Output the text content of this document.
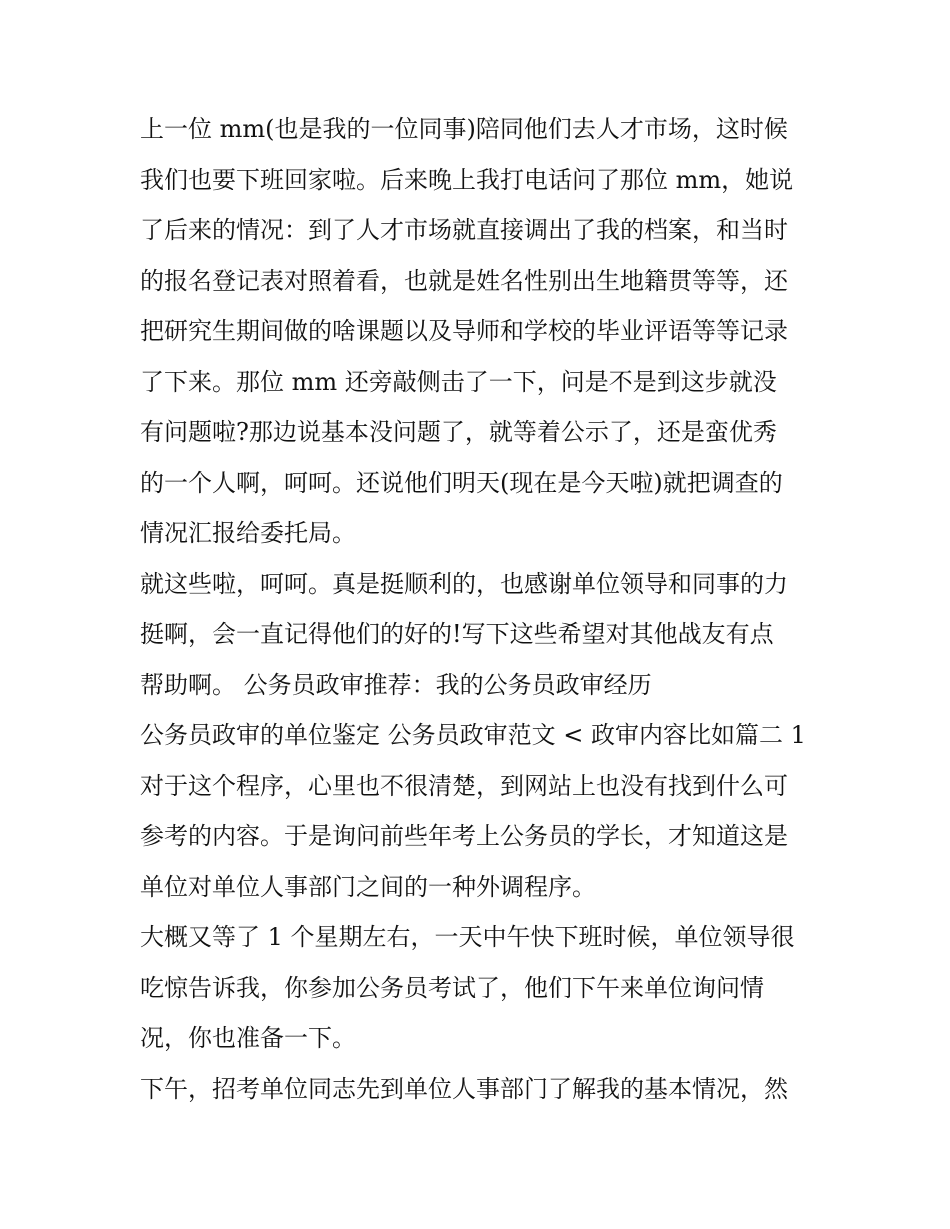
上一位 mm(也是我的一位同事)陪同他们去人才市场，这时候
我们也要下班回家啦。后来晚上我打电话问了那位 mm，她说
了后来的情况：到了人才市场就直接调出了我的档案，和当时
的报名登记表对照着看，也就是姓名性别出生地籍贯等等，还
把研究生期间做的啥课题以及导师和学校的毕业评语等等记录
了下来。那位 mm 还旁敲侧击了一下，问是不是到这步就没
有问题啦?那边说基本没问题了，就等着公示了，还是蛮优秀
的一个人啊，呵呵。还说他们明天(现在是今天啦)就把调查的
情况汇报给委托局。
就这些啦，呵呵。真是挺顺利的，也感谢单位领导和同事的力
挺啊，会一直记得他们的好的!写下这些希望对其他战友有点
帮助啊。 公务员政审推荐：我的公务员政审经历
公务员政审的单位鉴定 公务员政审范文 < 政审内容比如篇二 1
对于这个程序，心里也不很清楚，到网站上也没有找到什么可
参考的内容。于是询问前些年考上公务员的学长，才知道这是
单位对单位人事部门之间的一种外调程序。
大概又等了 1 个星期左右，一天中午快下班时候，单位领导很
吃惊告诉我，你参加公务员考试了，他们下午来单位询问情
况，你也准备一下。
下午，招考单位同志先到单位人事部门了解我的基本情况，然
